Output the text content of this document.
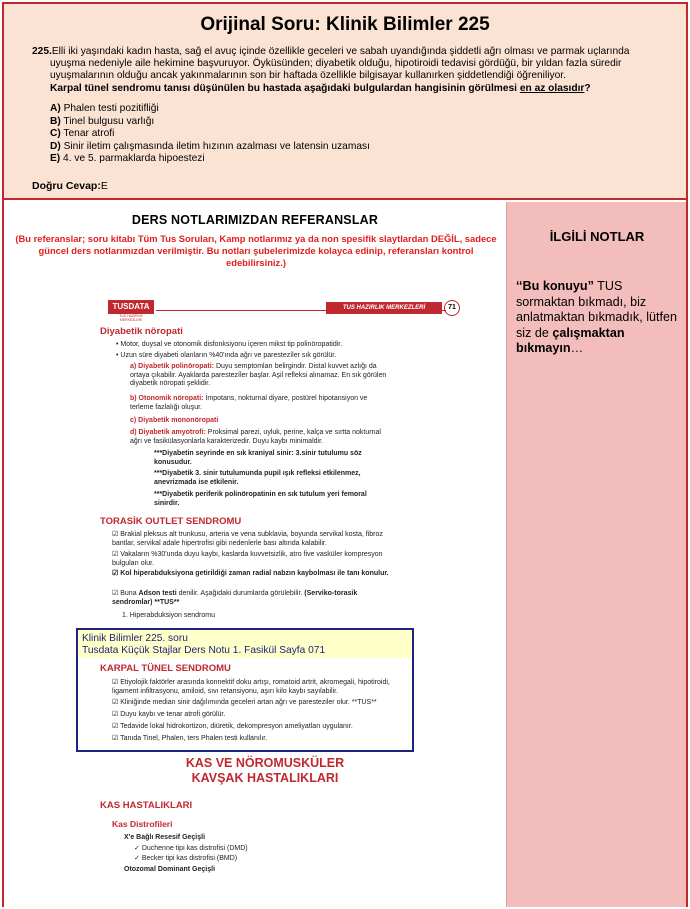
Orijinal Soru: Klinik Bilimler 225
225.Elli iki yaşındaki kadın hasta, sağ el avuç içinde özellikle geceleri ve sabah uyandığında şiddetli ağrı olması ve parmak uçlarında uyuşma nedeniyle aile hekimine başvuruyor. Öyküsünden; diyabetik olduğu, hipotiroidi tedavisi gördüğü, bir yıldan fazla süredir uyuşmalarının olduğu ancak yakınmalarının son bir haftada özellikle bilgisayar kullanırken şiddetlendiği öğreniliyor.
Karpal tünel sendromu tanısı düşünülen bu hastada aşağıdaki bulgulardan hangisinin görülmesi en az olasıdır?
A) Phalen testi pozitifliği
B) Tinel bulgusu varlığı
C) Tenar atrofi
D) Sinir iletim çalışmasında iletim hızının azalması ve latensin uzaması
E) 4. ve 5. parmaklarda hipoestezi
Doğru Cevap:E
DERS NOTLARIMIZDAN REFERANSLAR
(Bu referanslar; soru kitabı Tüm Tus Soruları, Kamp notlarımız ya da non spesifik slaytlardan DEĞİL, sadece güncel ders notlarımızdan verilmiştir. Bu notları şubelerimizde kolayca edinip, referansları kontrol edebilirsiniz.)
İLGİLİ NOTLAR
‘‘Bu konuyu” TUS sormaktan bıkmadı, biz anlatmaktan bıkmadık, lütfen siz de çalışmaktan bıkmayın…
TUSDATA
TUS HAZIRLIK MERKEZLERİ
TUS HAZIRLIK MERKEZLERİ	71
Diyabetik nöropati
• Motor, duysal ve otonomik disfonksiyonu içeren mikst tip polinöropatidir.
• Uzun süre diyabeti olanların %40'ında ağrı ve parestezíler sık görülür.
a) Diyabetik polinöropati: Duyu semptomları belirgindir. Distal kuvvet azlığı da ortaya çıkabilir. Ayaklarda parestezíler başlar. Aşil refleksi alınamaz. En sık görülen diyabetik nöropati şeklidir.
b) Otonomik nöropati: İmpotans, nokturnal diyare, postürel hipotansiyon ve terleme fazlalığı oluşur.
c) Diyabetik mononöropati
d) Diyabetik amyotrofi: Proksimal parezi, uyluk, perine, kalça ve sırtta nokturnal ağrı ve fasikülasyonlarla karakterizedir. Duyu kaybı minimaldir.
***Diyabetin seyrinde en sık kraniyal sinir: 3.sinir tutulumu söz konusudur.
***Diyabetik 3. sinir tutulumunda pupil ışık refleksi etkilenmez, anevrizmada ise etkilenir.
***Diyabetik periferik polinöropatinin en sık tutulum yeri femoral sinirdir.
TORASİK OUTLET SENDROMU
☑ Brakial pleksus alt trunkusu, arteria ve vena subklavia, boyunda servikal kosta, fibroz bantlar, servikal adale hipertrofisi gibi nedenlerle bası altında kalabilir.
☑ Vakaların %30'unda duyu kaybı, kaslarda kuvvetsizlik, atro five vasküler kompresyon bulguları olur.
☑ Kol hiperabduksiyona getirildiği zaman radial nabzın kaybolması ile tanı konulur.
☑ Buna Adson testi denilir. Aşağıdaki durumlarda görülebilir. (Serviko-torasik sendromlar) **TUS**
1. Hiperabduksiyon sendromu
Klinik Bilimler 225. soru
Tusdata Küçük Stajlar Ders Notu 1. Fasikül Sayfa 071
KARPAL TÜNEL SENDROMU
☑ Etiyolojik faktörler arasında konnektif doku artışı, romatoid artrit, akromegali, hipotiroidi, ligament infiltrasyonu, amiloid, sıvı retansiyonu, aşırı kilo kaybı sayılabilir.
☑ Kliniğinde median sinir dağılımında geceleri artan ağrı ve paresteziler olur. **TUS**
☑ Duyu kaybı ve tenar atrofi görülür.
☑ Tedavide lokal hidrokortizon, diüretik, dekompresyon ameliyatları uygulanır.
☑ Tanıda Tinel, Phalen, ters Phalen testi kullanılır.
KAS VE NÖROMUSKÜLER
KAVŞAK HASTALIKLARI
KAS HASTALIKLARI
Kas Distrofileri
X'e Bağlı Resesif Geçişli
✓ Duchenne tipi kas distrofisi (DMD)
✓ Becker tipi kas distrofisi (BMD)
Otozomal Dominant Geçişli
